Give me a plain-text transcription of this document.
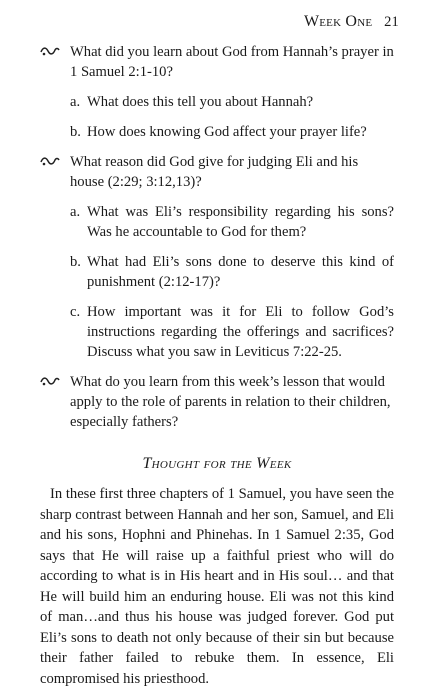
Week One 21

What did you learn about God from Hannah’s prayer in 1 Samuel 2:1-10?

a. What does this tell you about Hannah?

b. How does knowing God affect your prayer life?

What reason did God give for judging Eli and his house (2:29; 3:12,13)?

a. What was Eli’s responsibility regarding his sons? Was he accountable to God for them?

b. What had Eli’s sons done to deserve this kind of punishment (2:12-17)?

c. How important was it for Eli to follow God’s instructions regarding the offerings and sacrifices? Discuss what you saw in Leviticus 7:22-25.

What do you learn from this week’s lesson that would apply to the role of parents in relation to their children, especially fathers?

Thought for the Week

In these first three chapters of 1 Samuel, you have seen the sharp contrast between Hannah and her son, Samuel, and Eli and his sons, Hophni and Phinehas. In 1 Samuel 2:35, God says that He will raise up a faithful priest who will do according to what is in His heart and in His soul… and that He will build him an enduring house. Eli was not this kind of man…and thus his house was judged forever. God put Eli’s sons to death not only because of their sin but because their father failed to rebuke them. In essence, Eli compromised his priesthood.
